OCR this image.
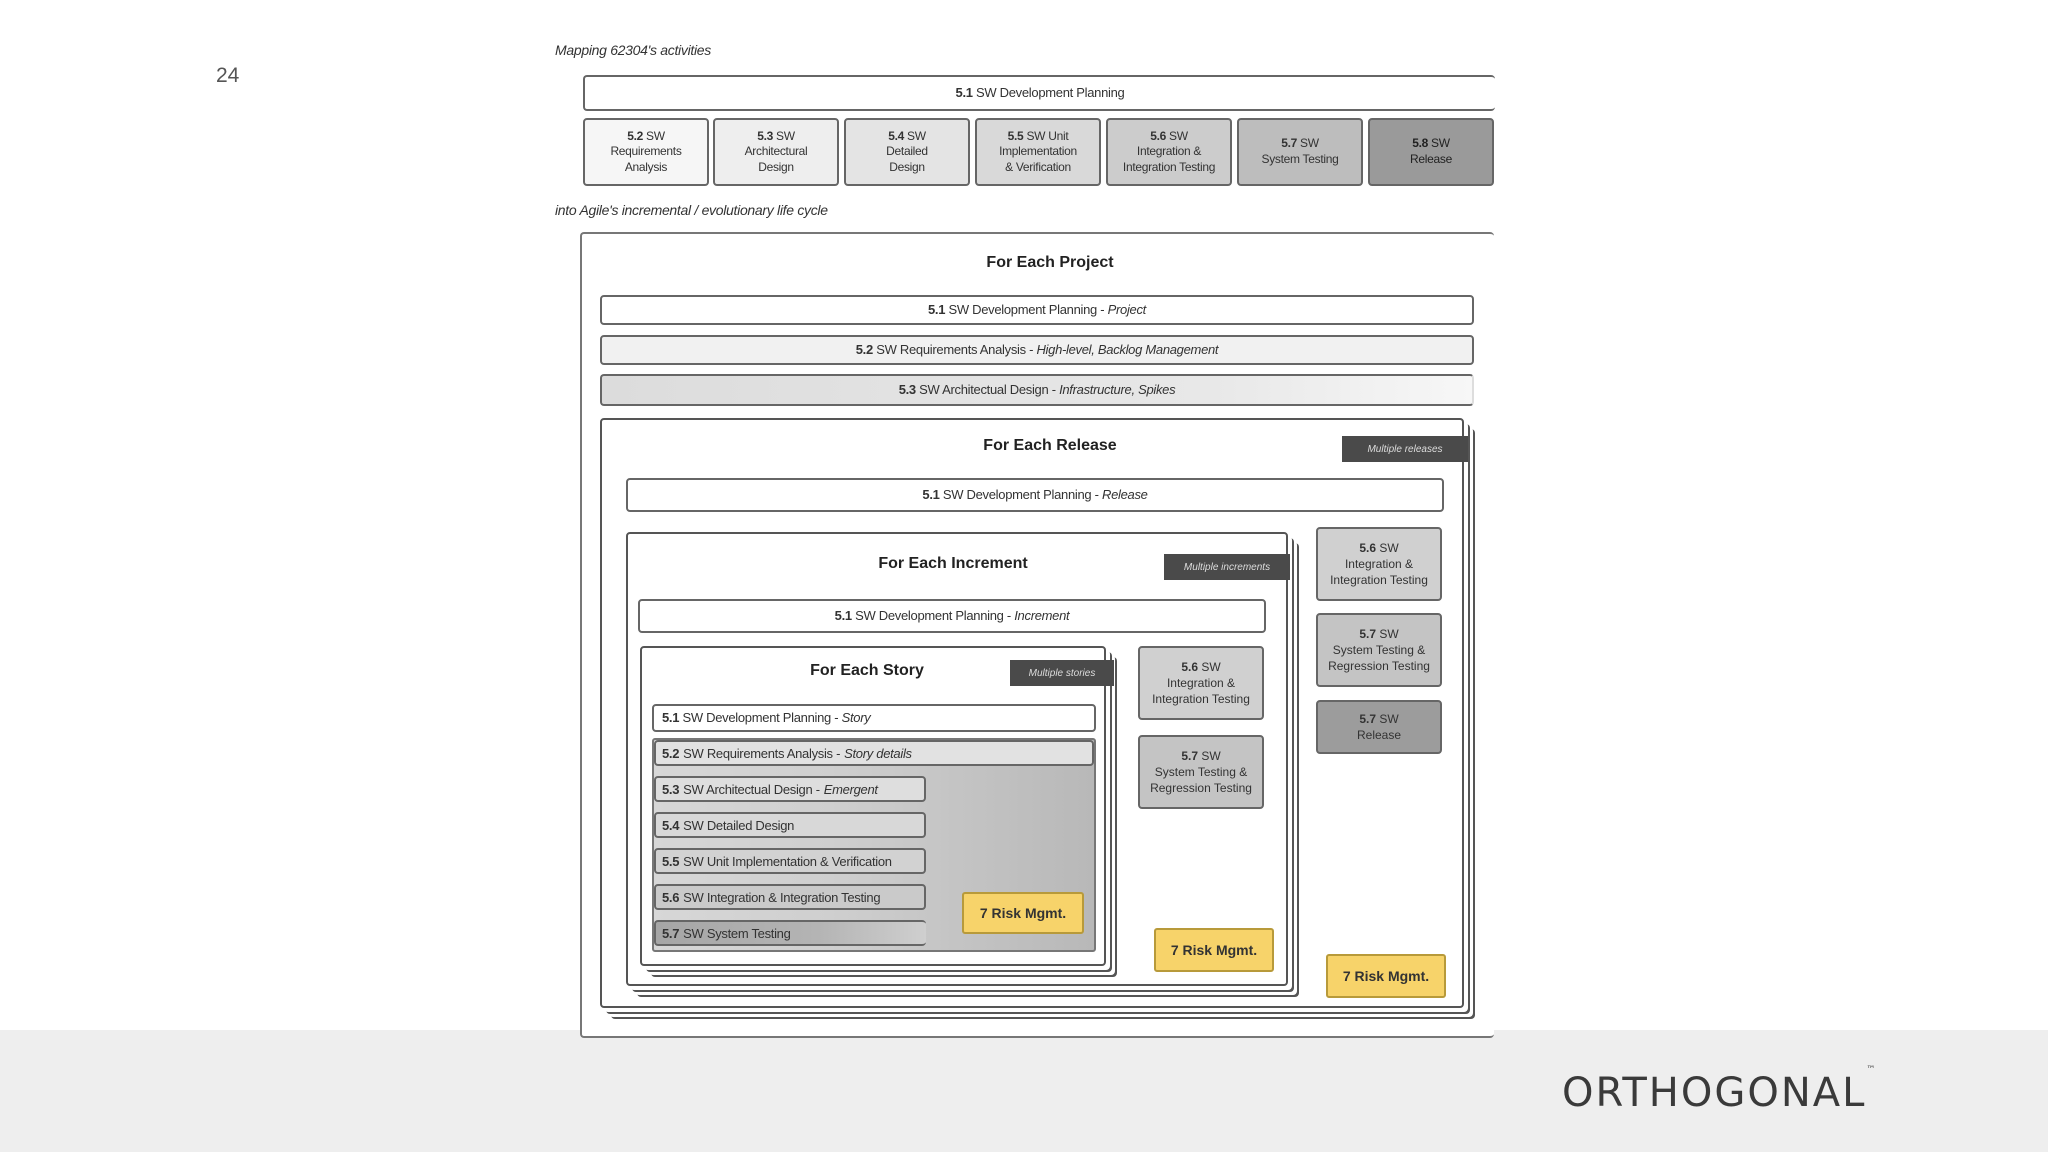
24
ORTHOGONAL™
Mapping 62304's activities
5.1 SW Development Planning
5.2 SW
Requirements
Analysis
5.3 SW
Architectural
Design
5.4 SW
Detailed
Design
5.5 SW Unit
Implementation
& Verification
5.6 SW
Integration &
Integration Testing
5.7 SW
System Testing
5.8 SW
Release
into Agile's incremental / evolutionary life cycle
For Each Project
5.1 SW Development Planning - Project
5.2 SW Requirements Analysis - High-level, Backlog Management
5.3 SW Architectual Design - Infrastructure, Spikes
For Each Release	Multiple releases
5.1 SW Development Planning - Release
5.6 SW
Integration &
Integration Testing
5.7 SW
System Testing &
Regression Testing
5.7 SW
Release
7 Risk Mgmt.
For Each Increment	Multiple increments
5.1 SW Development Planning - Increment
5.6 SW
Integration &
Integration Testing
5.7 SW
System Testing &
Regression Testing
7 Risk Mgmt.
For Each Story	Multiple stories
5.1 SW Development Planning - Story
5.2 SW Requirements Analysis - Story details
5.3 SW Architectual Design - Emergent
5.4 SW Detailed Design
5.5 SW Unit Implementation & Verification
5.6 SW Integration & Integration Testing
5.7 SW System Testing
7 Risk Mgmt.
